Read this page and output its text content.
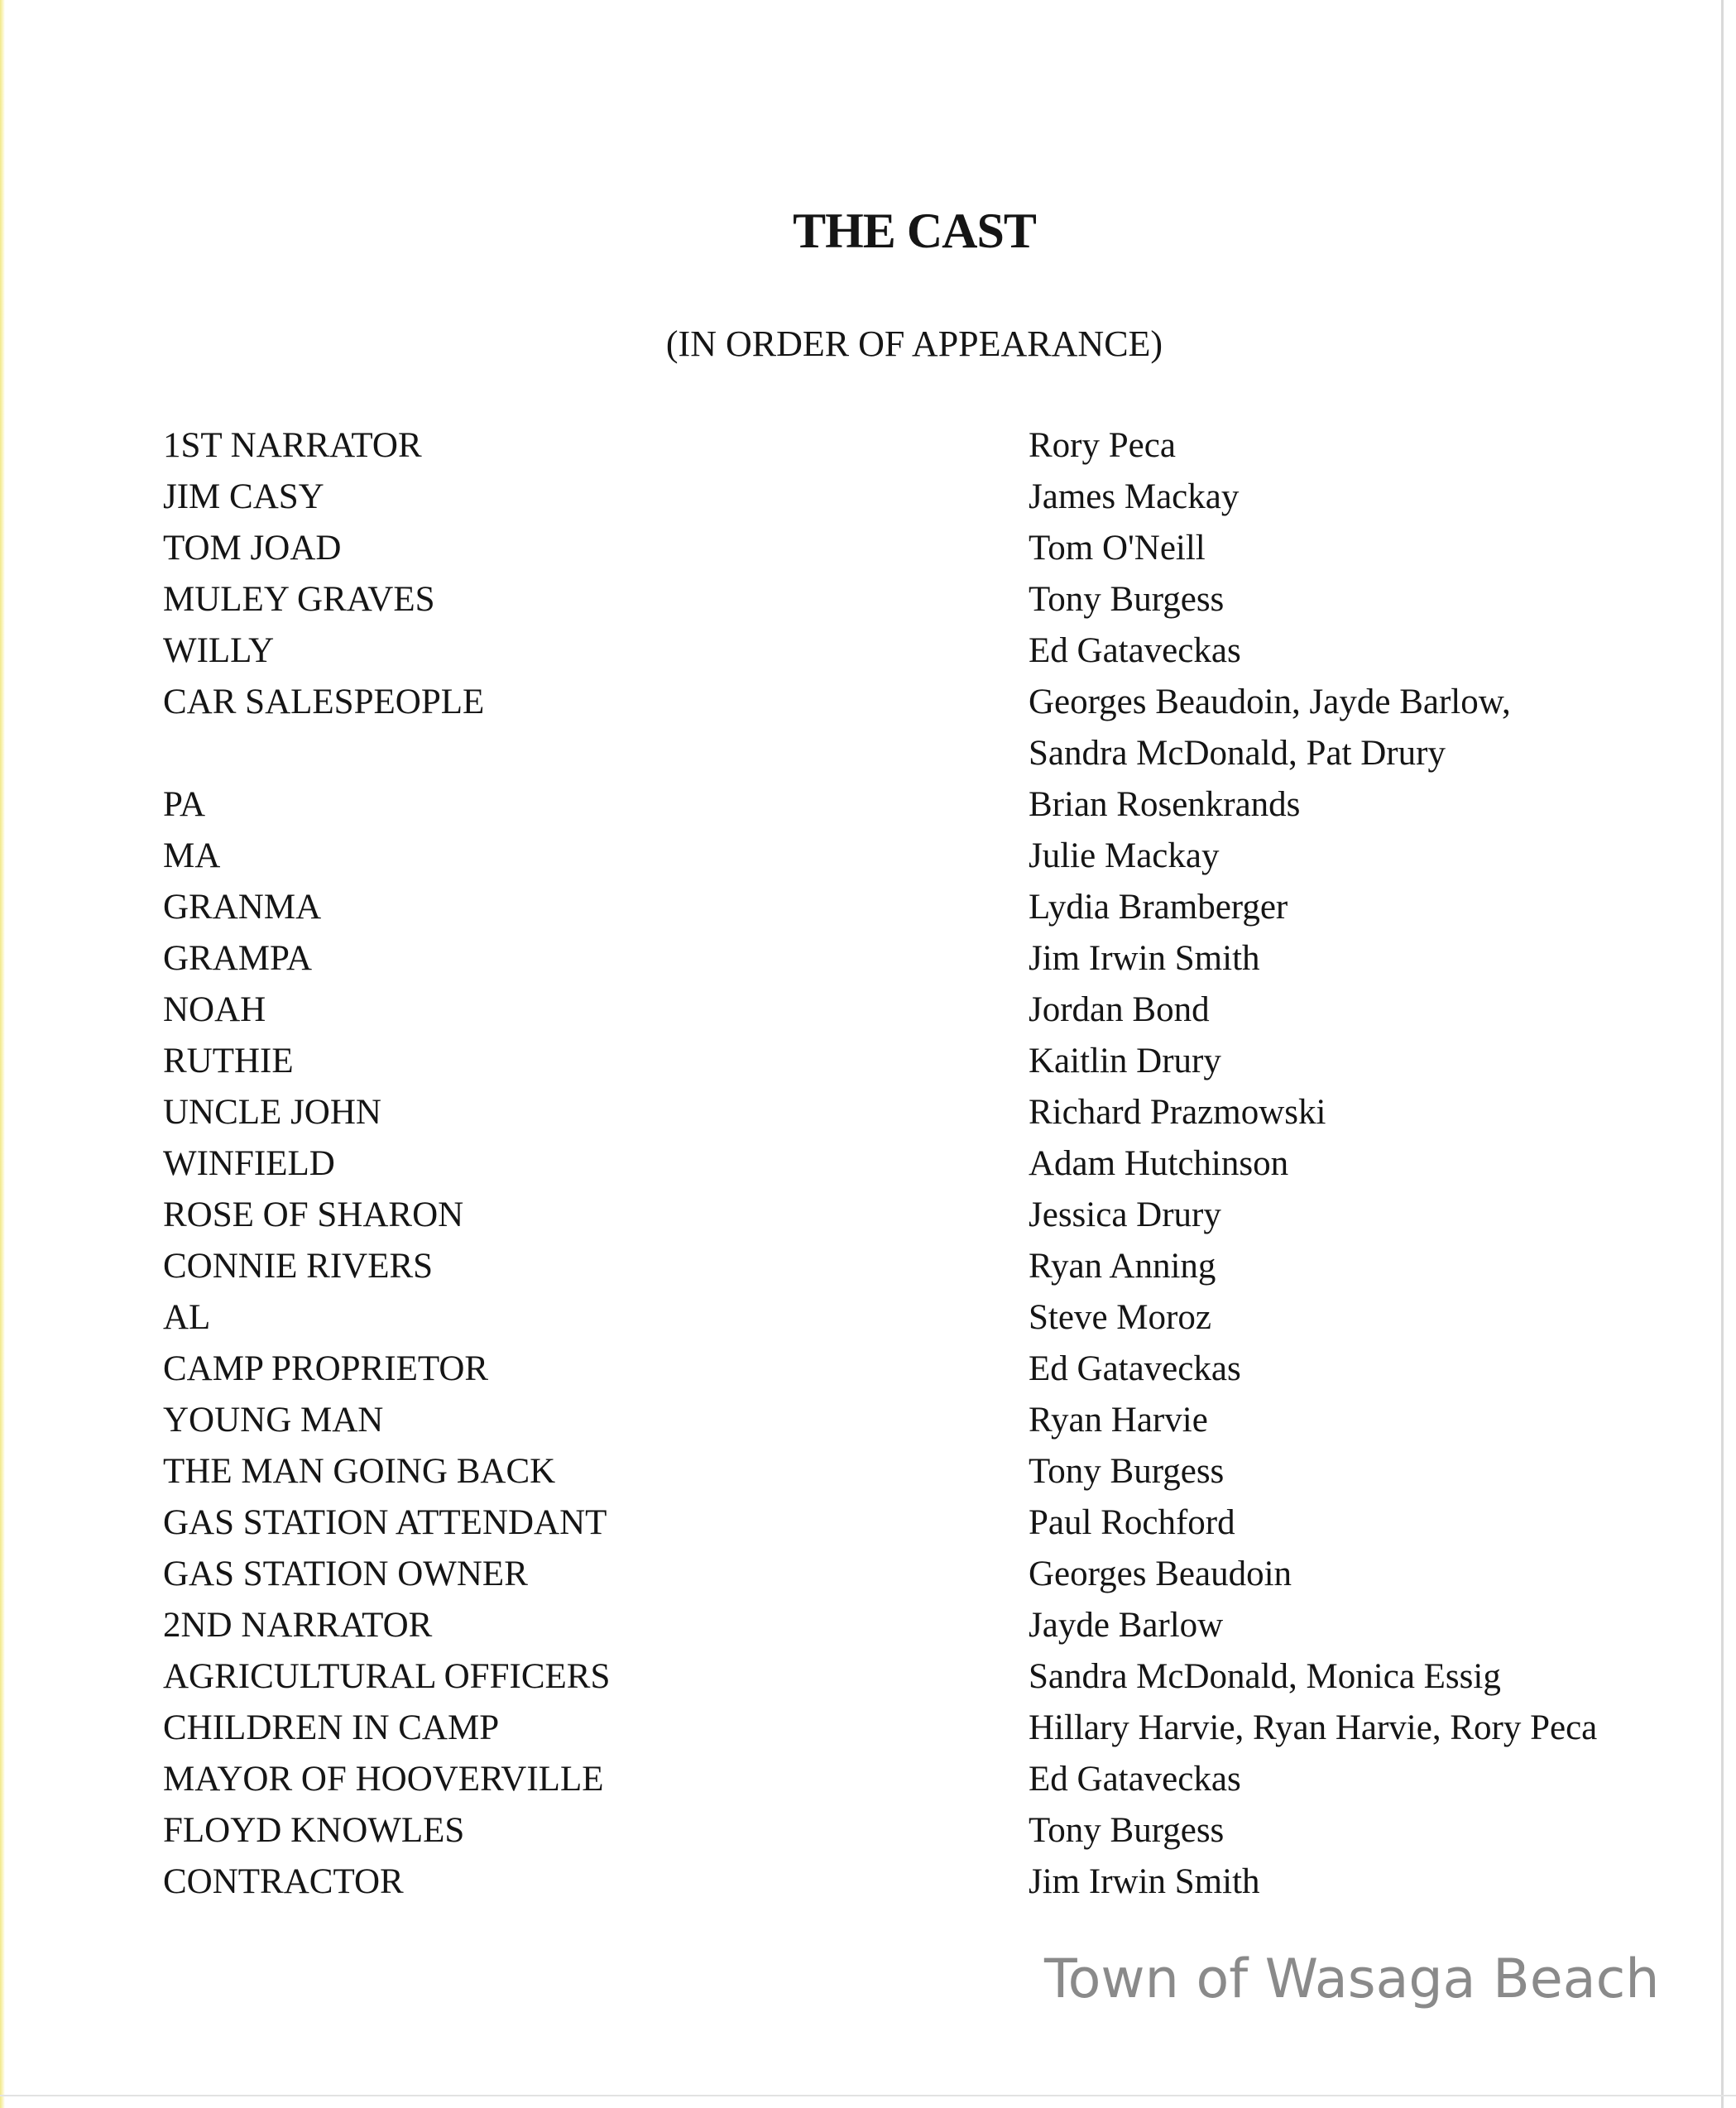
THE CAST
(IN ORDER OF APPEARANCE)
1ST NARRATOR	Rory Peca
JIM CASY	James Mackay
TOM JOAD	Tom O'Neill
MULEY GRAVES	Tony Burgess
WILLY	Ed Gataveckas
CAR SALESPEOPLE	Georges Beaudoin, Jayde Barlow,
Sandra McDonald, Pat Drury
PA	Brian Rosenkrands
MA	Julie Mackay
GRANMA	Lydia Bramberger
GRAMPA	Jim Irwin Smith
NOAH	Jordan Bond
RUTHIE	Kaitlin Drury
UNCLE JOHN	Richard Prazmowski
WINFIELD	Adam Hutchinson
ROSE OF SHARON	Jessica Drury
CONNIE RIVERS	Ryan Anning
AL	Steve Moroz
CAMP PROPRIETOR	Ed Gataveckas
YOUNG MAN	Ryan Harvie
THE MAN GOING BACK	Tony Burgess
GAS STATION ATTENDANT	Paul Rochford
GAS STATION OWNER	Georges Beaudoin
2ND NARRATOR	Jayde Barlow
AGRICULTURAL OFFICERS	Sandra McDonald, Monica Essig
CHILDREN IN CAMP	Hillary Harvie, Ryan Harvie, Rory Peca
MAYOR OF HOOVERVILLE	Ed Gataveckas
FLOYD KNOWLES	Tony Burgess
CONTRACTOR	Jim Irwin Smith
Town of Wasaga Beach
